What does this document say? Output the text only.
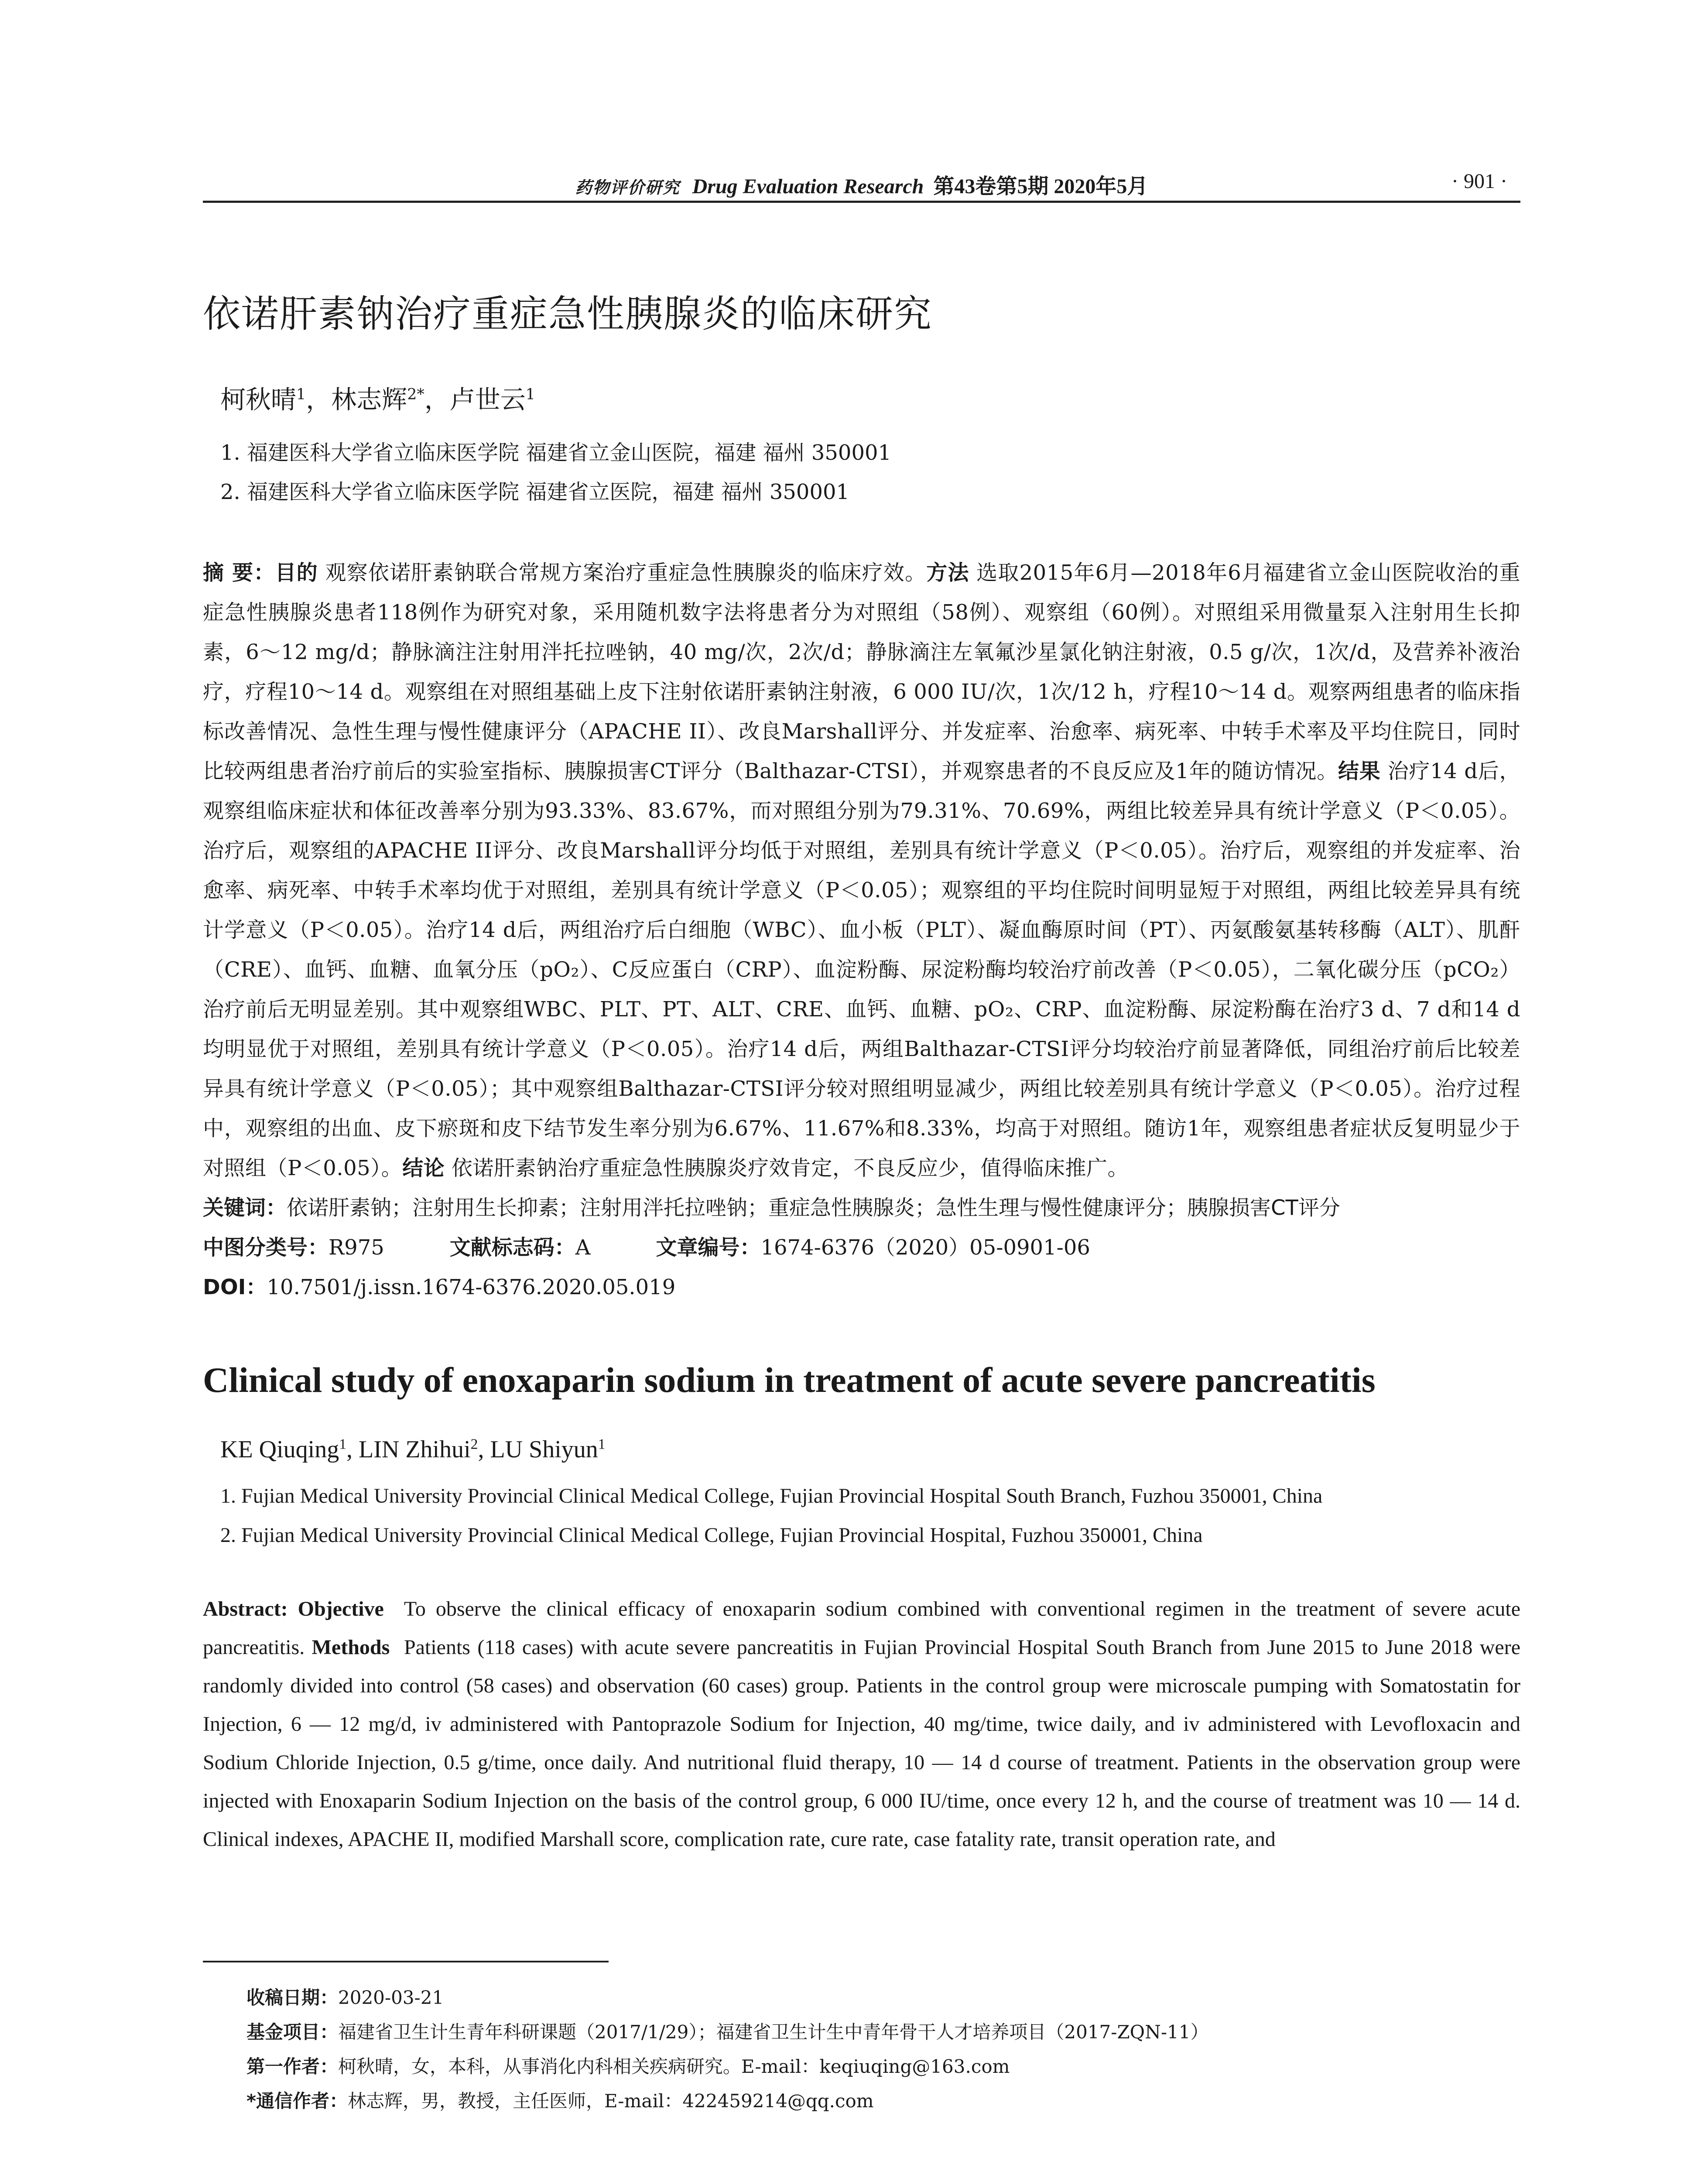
药物评价研究 Drug Evaluation Research 第43卷第5期 2020年5月	· 901 ·
依诺肝素钠治疗重症急性胰腺炎的临床研究
柯秋晴$^1$，林志辉$^{2*}$，卢世云$^1$
1. 福建医科大学省立临床医学院 福建省立金山医院，福建 福州 350001
2. 福建医科大学省立临床医学院 福建省立医院，福建 福州 350001
摘 要：目的 观察依诺肝素钠联合常规方案治疗重症急性胰腺炎的临床疗效。方法 选取2015年6月—2018年6月福建省立金山医院收治的重症急性胰腺炎患者118例作为研究对象，采用随机数字法将患者分为对照组（58例）、观察组（60例）。对照组采用微量泵入注射用生长抑素，6～12 mg/d；静脉滴注注射用泮托拉唑钠，40 mg/次，2次/d；静脉滴注左氧氟沙星氯化钠注射液，0.5 g/次，1次/d，及营养补液治疗，疗程10～14 d。观察组在对照组基础上皮下注射依诺肝素钠注射液，6 000 IU/次，1次/12 h，疗程10～14 d。观察两组患者的临床指标改善情况、急性生理与慢性健康评分（APACHE II）、改良Marshall评分、并发症率、治愈率、病死率、中转手术率及平均住院日，同时比较两组患者治疗前后的实验室指标、胰腺损害CT评分（Balthazar-CTSI），并观察患者的不良反应及1年的随访情况。结果 治疗14 d后，观察组临床症状和体征改善率分别为93.33%、83.67%，而对照组分别为79.31%、70.69%，两组比较差异具有统计学意义（P＜0.05）。治疗后，观察组的APACHE II评分、改良Marshall评分均低于对照组，差别具有统计学意义（P＜0.05）。治疗后，观察组的并发症率、治愈率、病死率、中转手术率均优于对照组，差别具有统计学意义（P＜0.05）；观察组的平均住院时间明显短于对照组，两组比较差异具有统计学意义（P＜0.05）。治疗14 d后，两组治疗后白细胞（WBC）、血小板（PLT）、凝血酶原时间（PT）、丙氨酸氨基转移酶（ALT）、肌酐（CRE）、血钙、血糖、血氧分压（pO₂）、C反应蛋白（CRP）、血淀粉酶、尿淀粉酶均较治疗前改善（P＜0.05），二氧化碳分压（pCO₂）治疗前后无明显差别。其中观察组WBC、PLT、PT、ALT、CRE、血钙、血糖、pO₂、CRP、血淀粉酶、尿淀粉酶在治疗3 d、7 d和14 d均明显优于对照组，差别具有统计学意义（P＜0.05）。治疗14 d后，两组Balthazar-CTSI评分均较治疗前显著降低，同组治疗前后比较差异具有统计学意义（P＜0.05）；其中观察组Balthazar-CTSI评分较对照组明显减少，两组比较差别具有统计学意义（P＜0.05）。治疗过程中，观察组的出血、皮下瘀斑和皮下结节发生率分别为6.67%、11.67%和8.33%，均高于对照组。随访1年，观察组患者症状反复明显少于对照组（P＜0.05）。结论 依诺肝素钠治疗重症急性胰腺炎疗效肯定，不良反应少，值得临床推广。
关键词：依诺肝素钠；注射用生长抑素；注射用泮托拉唑钠；重症急性胰腺炎；急性生理与慢性健康评分；胰腺损害CT评分
中图分类号：R975	文献标志码：A	文章编号：1674-6376（2020）05-0901-06
DOI：10.7501/j.issn.1674-6376.2020.05.019
Clinical study of enoxaparin sodium in treatment of acute severe pancreatitis
KE Qiuqing$^1$, LIN Zhihui$^2$, LU Shiyun$^1$
1. Fujian Medical University Provincial Clinical Medical College, Fujian Provincial Hospital South Branch, Fuzhou 350001, China
2. Fujian Medical University Provincial Clinical Medical College, Fujian Provincial Hospital, Fuzhou 350001, China
Abstract: Objective To observe the clinical efficacy of enoxaparin sodium combined with conventional regimen in the treatment of severe acute pancreatitis. Methods Patients (118 cases) with acute severe pancreatitis in Fujian Provincial Hospital South Branch from June 2015 to June 2018 were randomly divided into control (58 cases) and observation (60 cases) group. Patients in the control group were microscale pumping with Somatostatin for Injection, 6 — 12 mg/d, iv administered with Pantoprazole Sodium for Injection, 40 mg/time, twice daily, and iv administered with Levofloxacin and Sodium Chloride Injection, 0.5 g/time, once daily. And nutritional fluid therapy, 10 — 14 d course of treatment. Patients in the observation group were injected with Enoxaparin Sodium Injection on the basis of the control group, 6 000 IU/time, once every 12 h, and the course of treatment was 10 — 14 d. Clinical indexes, APACHE II, modified Marshall score, complication rate, cure rate, case fatality rate, transit operation rate, and
收稿日期：2020-03-21
基金项目：福建省卫生计生青年科研课题（2017/1/29）；福建省卫生计生中青年骨干人才培养项目（2017-ZQN-11）
第一作者：柯秋晴，女，本科，从事消化内科相关疾病研究。E-mail：keqiuqing@163.com
*通信作者：林志辉，男，教授，主任医师，E-mail：422459214@qq.com
